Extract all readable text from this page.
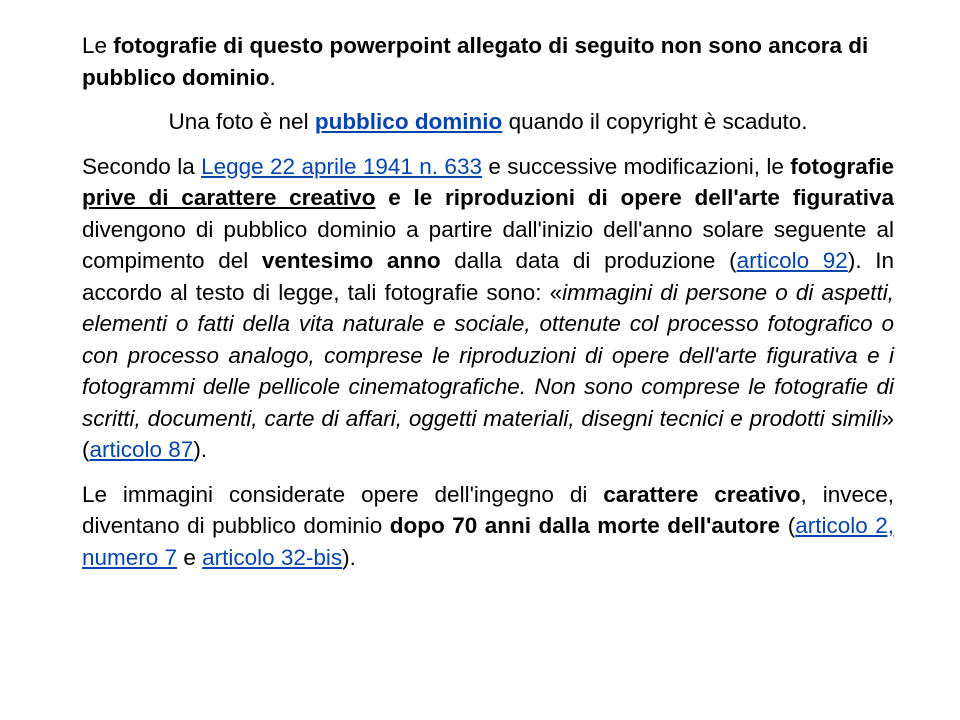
Le fotografie di questo powerpoint allegato di seguito non sono ancora di pubblico dominio.

Una foto è nel pubblico dominio quando il copyright è scaduto.

Secondo la Legge 22 aprile 1941 n. 633 e successive modificazioni, le fotografie prive di carattere creativo e le riproduzioni di opere dell'arte figurativa divengono di pubblico dominio a partire dall'inizio dell'anno solare seguente al compimento del ventesimo anno dalla data di produzione (articolo 92). In accordo al testo di legge, tali fotografie sono: «immagini di persone o di aspetti, elementi o fatti della vita naturale e sociale, ottenute col processo fotografico o con processo analogo, comprese le riproduzioni di opere dell'arte figurativa e i fotogrammi delle pellicole cinematografiche. Non sono comprese le fotografie di scritti, documenti, carte di affari, oggetti materiali, disegni tecnici e prodotti simili» (articolo 87).

Le immagini considerate opere dell'ingegno di carattere creativo, invece, diventano di pubblico dominio dopo 70 anni dalla morte dell'autore (articolo 2, numero 7 e articolo 32-bis).
